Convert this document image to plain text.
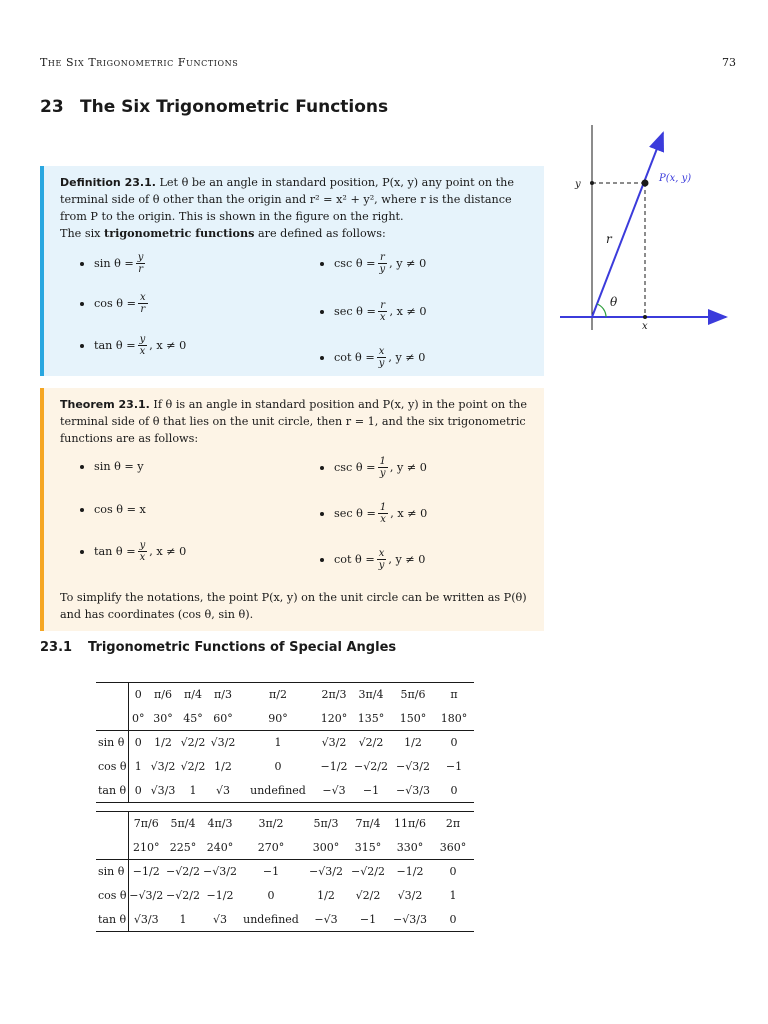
The Six Trigonometric Functions	73
23 The Six Trigonometric Functions

Definition 23.1. Let θ be an angle in standard position, P(x, y) any point on the terminal side of θ other than the origin and r² = x² + y², where r is the distance from P to the origin. This is shown in the figure on the right.

The six trigonometric functions are defined as follows:

$\sin \theta = \frac{y}{r}$
$\cos \theta = \frac{x}{r}$
$\tan \theta = \frac{y}{x}$ , x ≠ 0
$\csc \theta = \frac{r}{y}$ , y ≠ 0
$\sec \theta = \frac{r}{x}$ , x ≠ 0
$\cot \theta = \frac{x}{y}$ , y ≠ 0

Theorem 23.1. If θ is an angle in standard position and P(x, y) in the point on the terminal side of θ that lies on the unit circle, then r = 1, and the six trigonometric functions are as follows:

sin θ = y
cos θ = x
$\tan \theta = \frac{y}{x}$ , x ≠ 0
$\csc \theta = \frac{1}{y}$ , y ≠ 0
$\sec \theta = \frac{1}{x}$ , x ≠ 0
$\cot \theta = \frac{x}{y}$ , y ≠ 0

To simplify the notations, the point P(x, y) on the unit circle can be written as P(θ) and has coordinates (cos θ, sin θ).

P(x, y)
y
x
r
θ
23.1 Trigonometric Functions of Special Angles
	0	π/6	π/4	π/3	π/2	2π/3	3π/4	5π/6	π
	0°	30°	45°	60°	90°	120°	135°	150°	180°
sin θ	0	1/2	√2/2	√3/2	1	√3/2	√2/2	1/2	0
cos θ	1	√3/2	√2/2	1/2	0	−1/2	−√2/2	−√3/2	−1
tan θ	0	√3/3	1	√3	undefined	−√3	−1	−√3/3	0
	7π/6	5π/4	4π/3	3π/2	5π/3	7π/4	11π/6	2π
	210°	225°	240°	270°	300°	315°	330°	360°
sin θ	−1/2	−√2/2	−√3/2	−1	−√3/2	−√2/2	−1/2	0
cos θ	−√3/2	−√2/2	−1/2	0	1/2	√2/2	√3/2	1
tan θ	√3/3	1	√3	undefined	−√3	−1	−√3/3	0
